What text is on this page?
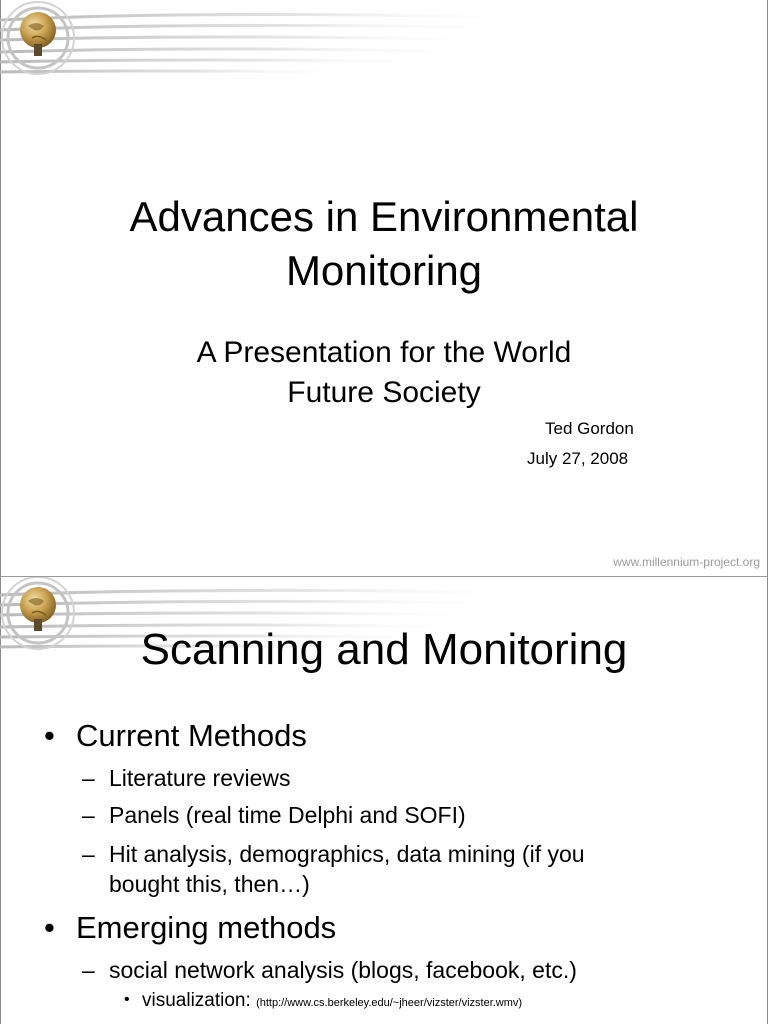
Advances in Environmental
Monitoring
A Presentation for the World
Future Society
Ted Gordon
July 27, 2008
www.millennium-project.org
Scanning and Monitoring
• Current Methods
– Literature reviews
– Panels (real time Delphi and SOFI)
– Hit analysis, demographics, data mining (if you
bought this, then…)
• Emerging methods
– social network analysis (blogs, facebook, etc.)
• visualization: (http://www.cs.berkeley.edu/~jheer/vizster/vizster.wmv)
